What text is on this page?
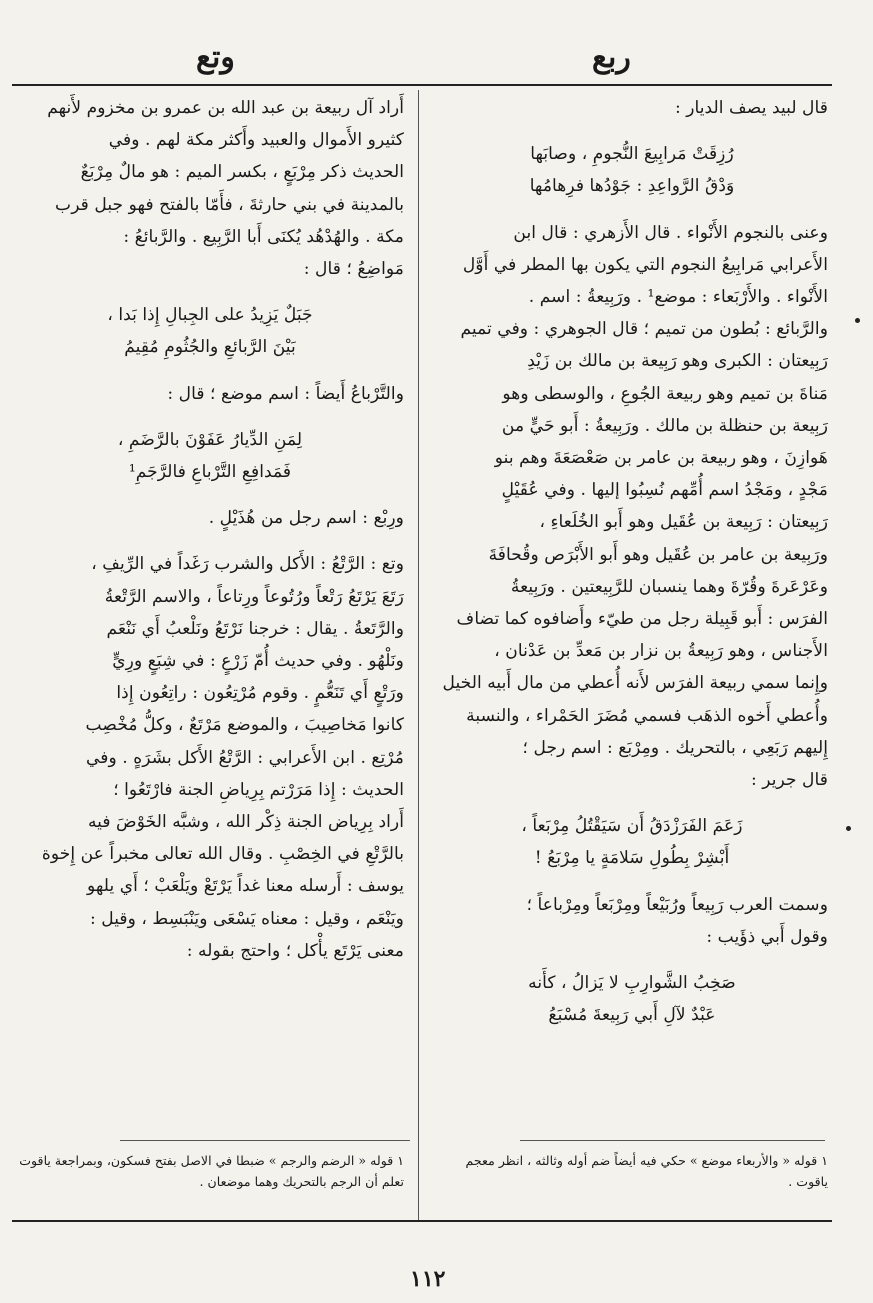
وتع	ربع

قال لبيد يصف الديار :

رُزِقَتْ مَرابِيعَ النُّجومِ ، وصابَها

وَدْقُ الرَّواعِدِ : جَوْدُها فرِهامُها

وعنى بالنجوم الأَنْواء . قال الأَزهري : قال ابن

الأَعرابي مَرابِيعُ النجوم التي يكون بها المطر في أَوَّل

الأَنْواء . والأَرْبَعاء : موضع¹ . ورَبِيعةُ : اسم .

والرَّبائع : بُطون من تميم ؛ قال الجوهري : وفي تميم

رَبِيعتان : الكبرى وهو رَبِيعة بن مالك بن زَيْدِ

مَناةَ بن تميم وهو ربيعة الجُوعِ ، والوسطى وهو

رَبِيعة بن حنظلة بن مالك . ورَبِيعةُ : أَبو حَيٍّ من

هَوازِنَ ، وهو ربيعة بن عامر بن صَعْصَعَةَ وهم بنو

مَجْدٍ ، ومَجْدُ اسم أُمِّهم نُسِبُوا إليها . وفي عُقَيْلٍ

رَبِيعتان : رَبِيعة بن عُقَيل وهو أَبو الخُلَعاءِ ،

ورَبِيعة بن عامر بن عُقَيل وهو أَبو الأَبْرَص وقُحافَةَ

وعَرْعَرةَ وقُرّةَ وهما ينسبان للرَّبِيعتين . ورَبِيعةُ

الفرَس : أَبو قَبِيلة رجل من طيّء وأَضافوه كما تضاف

الأَجناس ، وهو رَبِيعةُ بن نزار بن مَعدِّ بن عَدْنان ،

وإِنما سمي ربيعة الفرَس لأَنه أُعطي من مال أَبيه الخيل

وأُعطي أَخوه الذهَب فسمي مُضَرَ الحَمْراء ، والنسبة

إِليهم رَبَعِي ، بالتحريك . ومِرْبَع : اسم رجل ؛

قال جرير :

زَعَمَ الفَرَزْدَقُ أَن سَيَقْتُلُ مِرْبَعاً ،

أَبْشِرْ بِطُولِ سَلامَةٍ يا مِرْبَعُ !

وسمت العرب رَبِيعاً ورُبَيْعاً ومِرْبَعاً ومِرْباعاً ؛

وقول أَبي ذؤَيب :

صَخِبُ الشَّوارِبِ لا يَزالُ ، كأَنه

عَبْدٌ لآلِ أَبي رَبِيعةَ مُسْبَعُ

أَراد آل ربيعة بن عبد الله بن عمرو بن مخزوم لأَنهم

كثيرو الأَموال والعبيد وأَكثر مكة لهم . وفي

الحديث ذكر مِرْبَعٍ ، بكسر الميم : هو مالٌ مِرْبَعٌ

بالمدينة في بني حارثةَ ، فأَمّا بالفتح فهو جبل قرب

مكة . والهُدْهُد يُكنَى أَبا الرَّبِيع . والرَّبائعُ :

مَواضِعُ ؛ قال :

جَبَلٌ يَزِيدُ على الجِبالِ إِذا بَدا ،

بَيْنَ الرَّبائعِ والجُثُومِ مُقِيمُ

والتَّرْباعُ أَيضاً : اسم موضع ؛ قال :

لِمَنِ الدِّيارُ عَفَوْنَ بالرَّضَمِ ،

فَمَدافِعِ التَّرْباعِ فالرَّجَمِ¹

ورِبْع : اسم رجل من هُذَيْلٍ .

وتع : الرَّتْعُ : الأَكل والشرب رَغَداً في الرِّيفِ ،

رَتَعَ يَرْتَعُ رَتْعاً ورُتُوعاً ورِتاعاً ، والاسم الرَّتْعةُ

والرَّتَعةُ . يقال : خرجنا نَرْتَعُ ونَلْعبُ أَي نَنْعَم

ونَلْهُو . وفي حديث أُمّ زَرْعٍ : في شِبَعٍ ورِيٍّ

ورَتْعٍ أَي تَنَعُّمٍ . وقوم مُرْتِعُون : راتِعُون إِذا

كانوا مَخاصِيبَ ، والموضع مَرْتَعٌ ، وكلُّ مُخْصِب

مُرْتِع . ابن الأَعرابي : الرَّتْعُ الأَكل بشَرَهٍ . وفي

الحديث : إِذا مَرَرْتم بِرِياضِ الجنة فارْتَعُوا ؛

أَراد بِرِياض الجنة ذِكْر الله ، وشبَّه الخَوْضَ فيه

بالرَّتْعِ في الخِصْبِ . وقال الله تعالى مخبراً عن إِخوة

يوسف : أَرسله معنا غداً يَرْتَعْ ويَلْعَبْ ؛ أَي يلهو

ويَنْعَم ، وقيل : معناه يَسْعَى ويَنْبَسِط ، وقيل :

معنى يَرْتَع يأْكل ؛ واحتج بقوله :

١ قوله « الرضم والرجم » ضبطا في الاصل بفتح فسكون، وبمراجعة ياقوت تعلم أن الرجم بالتحريك وهما موضعان .
١ قوله « والأربعاء موضع » حكي فيه أيضاً ضم أوله وثالثه ، انظر معجم ياقوت .
١١٢
